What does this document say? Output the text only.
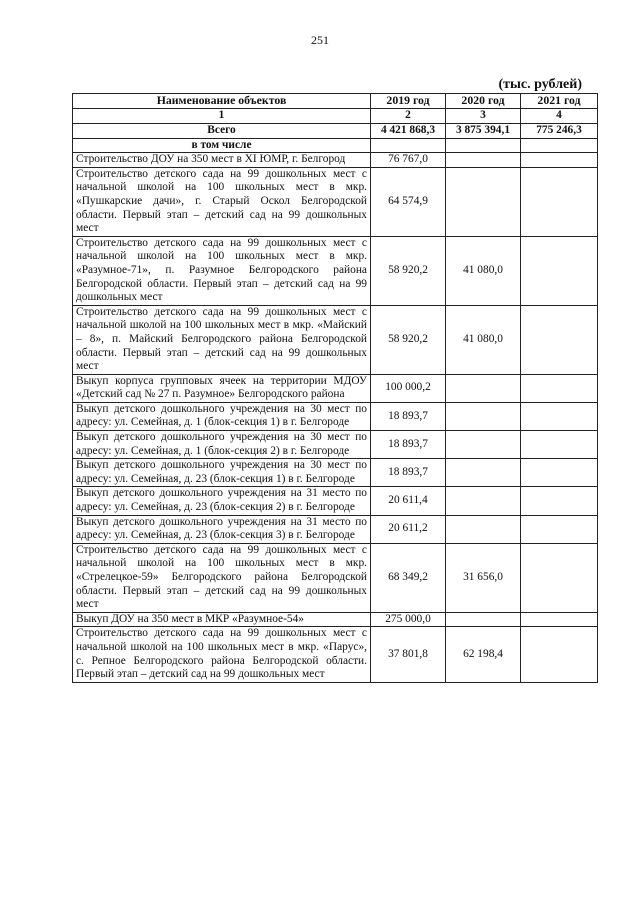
251
(тыс. рублей)
Наименование объектов	2019 год	2020 год	2021 год
1	2	3	4
Всего	4 421 868,3	3 875 394,1	775 246,3
в том числе			
Строительство ДОУ на 350 мест в XI ЮМР, г. Белгород	76 767,0		
Строительство детского сада на 99 дошкольных мест с начальной школой на 100 школьных мест в мкр. «Пушкарские дачи», г. Старый Оскол Белгородской области. Первый этап – детский сад на 99 дошкольных мест	64 574,9		
Строительство детского сада на 99 дошкольных мест с начальной школой на 100 школьных мест в мкр. «Разумное-71», п. Разумное Белгородского района Белгородской области. Первый этап – детский сад на 99 дошкольных мест	58 920,2	41 080,0	
Строительство детского сада на 99 дошкольных мест с начальной школой на 100 школьных мест в мкр. «Майский – 8», п. Майский Белгородского района Белгородской области. Первый этап – детский сад на 99 дошкольных мест	58 920,2	41 080,0	
Выкуп корпуса групповых ячеек на территории МДОУ «Детский сад № 27 п. Разумное» Белгородского района	100 000,2		
Выкуп детского дошкольного учреждения на 30 мест по адресу: ул. Семейная, д. 1 (блок-секция 1) в г. Белгороде	18 893,7		
Выкуп детского дошкольного учреждения на 30 мест по адресу: ул. Семейная, д. 1 (блок-секция 2) в г. Белгороде	18 893,7		
Выкуп детского дошкольного учреждения на 30 мест по адресу: ул. Семейная, д. 23 (блок-секция 1) в г. Белгороде	18 893,7		
Выкуп детского дошкольного учреждения на 31 место по адресу: ул. Семейная, д. 23 (блок-секция 2) в г. Белгороде	20 611,4		
Выкуп детского дошкольного учреждения на 31 место по адресу: ул. Семейная, д. 23 (блок-секция 3) в г. Белгороде	20 611,2		
Строительство детского сада на 99 дошкольных мест с начальной школой на 100 школьных мест в мкр. «Стрелецкое-59» Белгородского района Белгородской области. Первый этап – детский сад на 99 дошкольных мест	68 349,2	31 656,0	
Выкуп ДОУ на 350 мест в МКР «Разумное-54»	275 000,0		
Строительство детского сада на 99 дошкольных мест с начальной школой на 100 школьных мест в мкр. «Парус», с. Репное Белгородского района Белгородской области. Первый этап – детский сад на 99 дошкольных мест	37 801,8	62 198,4	
